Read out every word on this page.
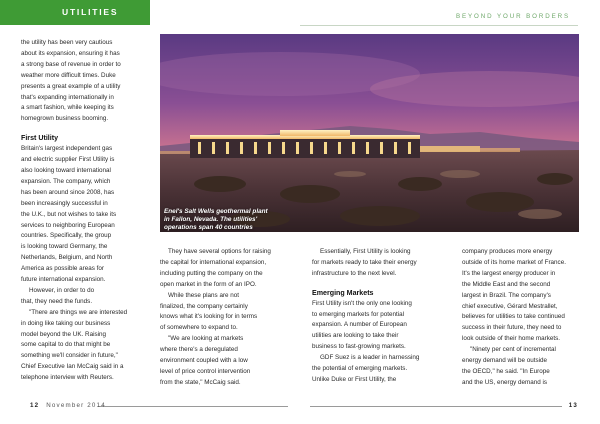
UTILITIES	BEYOND YOUR BORDERS

the utility has been very cautious
about its expansion, ensuring it has
a strong base of revenue in order to
weather more difficult times. Duke
presents a great example of a utility
that's expanding internationally in
a smart fashion, while keeping its
homegrown business booming.

First Utility

Britain's largest independent gas
and electric supplier First Utility is
also looking toward international
expansion. The company, which
has been around since 2008, has
been increasingly successful in
the U.K., but not wishes to take its
services to neighboring European
countries. Specifically, the group
is looking toward Germany, the
Netherlands, Belgium, and North
America as possible areas for
future international expansion.

However, in order to do
that, they need the funds.

"There are things we are interested
in doing like taking our business
model beyond the UK. Raising
some capital to do that might be
something we'll consider in future,"
Chief Executive Ian McCaig said in a
telephone interview with Reuters.

Enel's Salt Wells geothermal plant
in Fallon, Nevada. The utilities'
operations span 40 countries

They have several options for raising
the capital for international expansion,
including putting the company on the
open market in the form of an IPO.

While these plans are not
finalized, the company certainly
knows what it's looking for in terms
of somewhere to expand to.

"We are looking at markets
where there's a deregulated
environment coupled with a low
level of price control intervention
from the state," McCaig said.

Essentially, First Utility is looking
for markets ready to take their energy
infrastructure to the next level.

Emerging Markets

First Utility isn't the only one looking
to emerging markets for potential
expansion. A number of European
utilities are looking to take their
business to fast-growing markets.

GDF Suez is a leader in harnessing
the potential of emerging markets.
Unlike Duke or First Utility, the

company produces more energy
outside of its home market of France.
It's the largest energy producer in
the Middle East and the second
largest in Brazil. The company's
chief executive, Gérard Mestrallet,
believes for utilities to take continued
success in their future, they need to
look outside of their home markets.

"Ninety per cent of incremental
energy demand will be outside
the OECD," he said. "In Europe
and the US, energy demand is

12 November 2014	13
